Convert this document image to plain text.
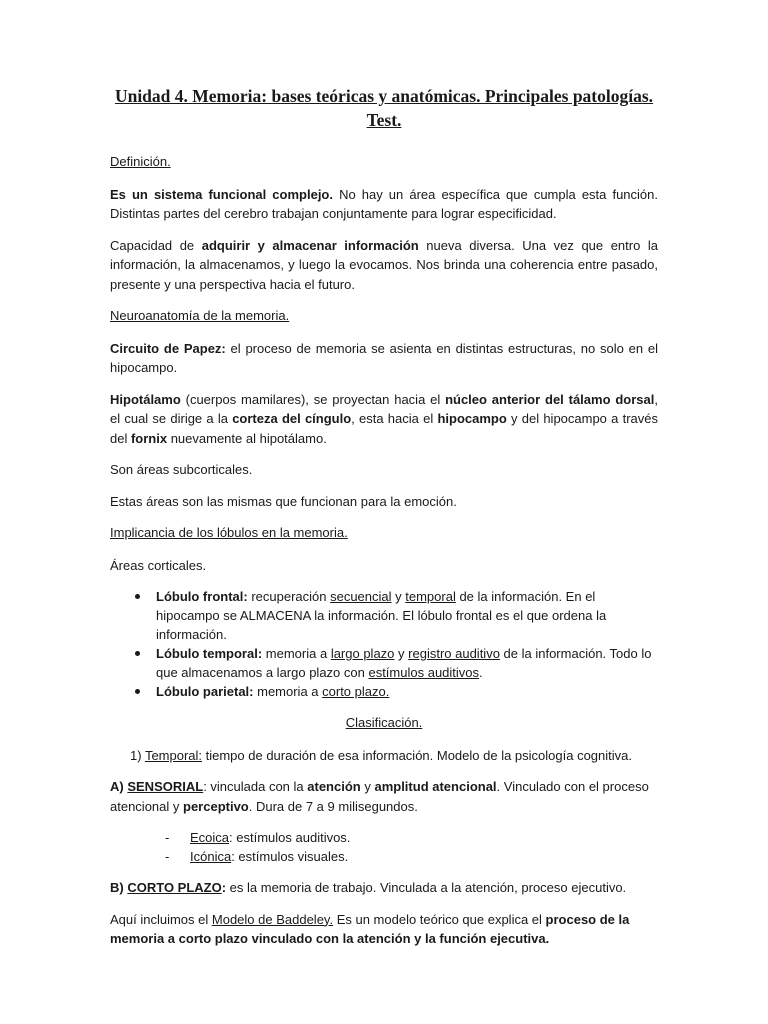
Unidad 4. Memoria: bases teóricas y anatómicas. Principales patologías. Test.

Definición.

Es un sistema funcional complejo. No hay un área específica que cumpla esta función. Distintas partes del cerebro trabajan conjuntamente para lograr especificidad.

Capacidad de adquirir y almacenar información nueva diversa. Una vez que entro la información, la almacenamos, y luego la evocamos. Nos brinda una coherencia entre pasado, presente y una perspectiva hacia el futuro.

Neuroanatomía de la memoria.

Circuito de Papez: el proceso de memoria se asienta en distintas estructuras, no solo en el hipocampo.

Hipotálamo (cuerpos mamilares), se proyectan hacia el núcleo anterior del tálamo dorsal, el cual se dirige a la corteza del cíngulo, esta hacia el hipocampo y del hipocampo a través del fornix nuevamente al hipotálamo.

Son áreas subcorticales.

Estas áreas son las mismas que funcionan para la emoción.

Implicancia de los lóbulos en la memoria.

Áreas corticales.

Lóbulo frontal: recuperación secuencial y temporal de la información. En el hipocampo se ALMACENA la información. El lóbulo frontal es el que ordena la información.
Lóbulo temporal: memoria a largo plazo y registro auditivo de la información. Todo lo que almacenamos a largo plazo con estímulos auditivos.
Lóbulo parietal: memoria a corto plazo.

Clasificación.

1) Temporal: tiempo de duración de esa información. Modelo de la psicología cognitiva.

A) SENSORIAL: vinculada con la atención y amplitud atencional. Vinculado con el proceso atencional y perceptivo. Dura de 7 a 9 milisegundos.

- Ecoica: estímulos auditivos.
- Icónica: estímulos visuales.

B) CORTO PLAZO: es la memoria de trabajo. Vinculada a la atención, proceso ejecutivo.

Aquí incluimos el Modelo de Baddeley. Es un modelo teórico que explica el proceso de la memoria a corto plazo vinculado con la atención y la función ejecutiva.
